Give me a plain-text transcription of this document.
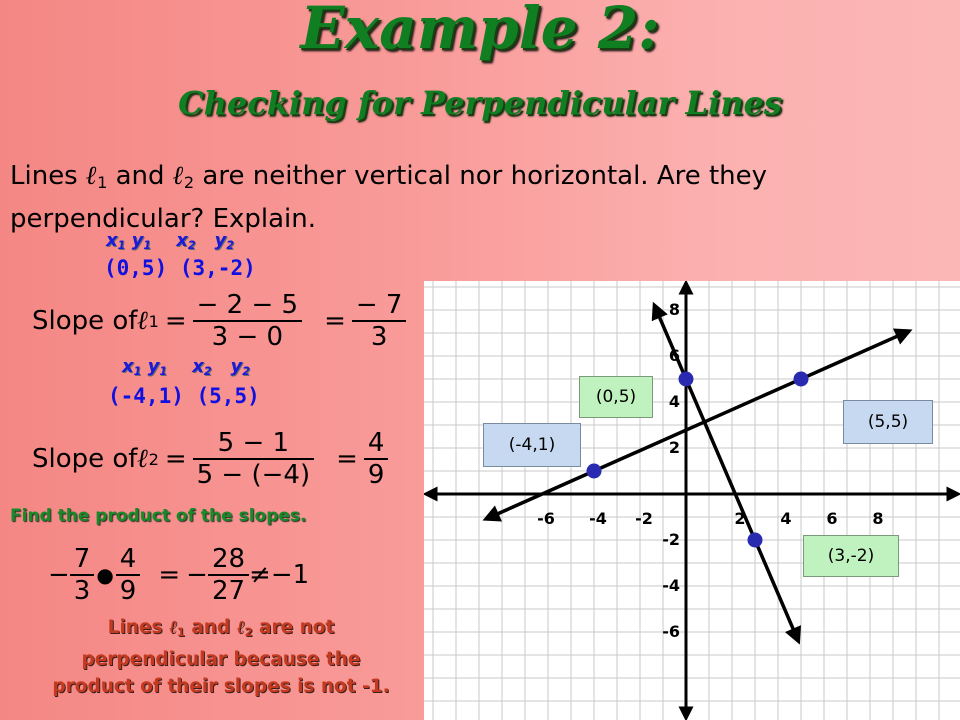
Example 2:
Checking for Perpendicular Lines
Lines ℓ$_1$ and ℓ$_2$ are neither vertical nor horizontal. Are they perpendicular? Explain.
$x_1$ $y_1$ $x_2$ $y_2$
(0,5) (3,-2)
Slope of ℓ $1 = \frac{- 2 - 5}{3 - 0} = \frac{- 7}{3}$
$x_1$ $y_1$ $x_2$ $y_2$
(-4,1) (5,5)
Slope of ℓ $2 = \frac{5 - 1}{5 - (-4)} = \frac{4}{9}$
Find the product of the slopes.
− $\frac{7}{3}$ ● $\frac{4}{9}$ = − $\frac{28}{27} \ne -1$
Lines ℓ$_1$ and ℓ$_2$ are not
perpendicular because the
product of their slopes is not -1.
-6 -4 -2	2 4 6 8
8
6
4
2
-2
-4
-6
(0,5)
(3,-2)
(-4,1)
(5,5)
